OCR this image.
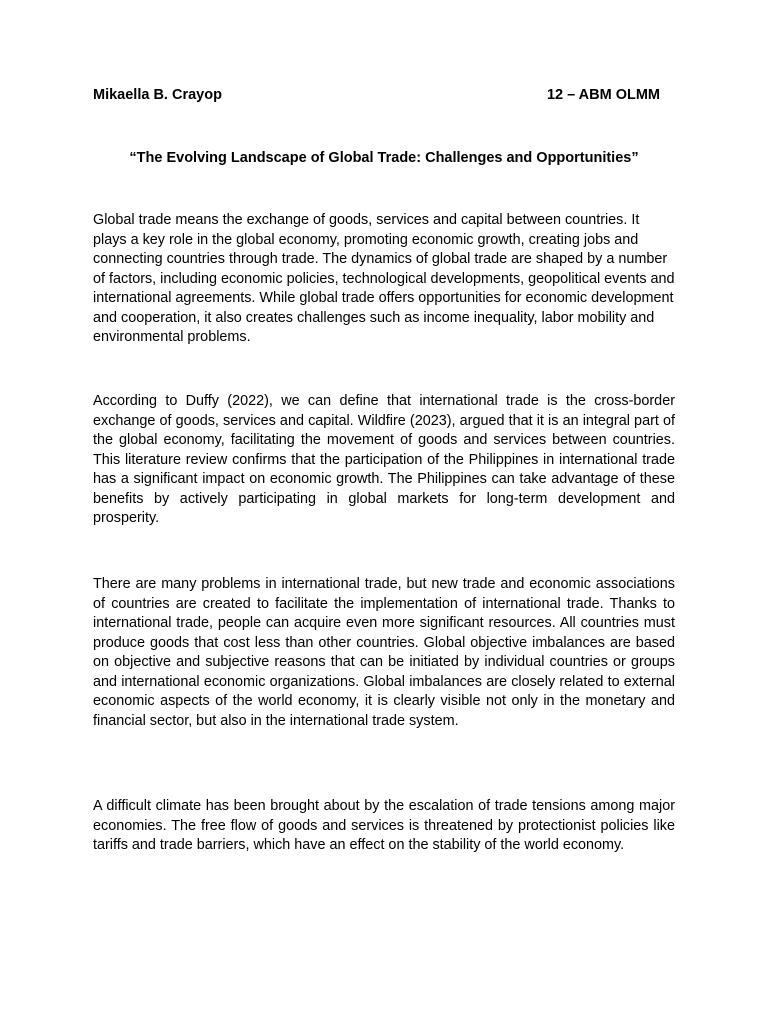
Mikaella B. Crayop	12 – ABM OLMM
“The Evolving Landscape of Global Trade: Challenges and Opportunities”

Global trade means the exchange of goods, services and capital between countries. It plays a key role in the global economy, promoting economic growth, creating jobs and connecting countries through trade. The dynamics of global trade are shaped by a number of factors, including economic policies, technological developments, geopolitical events and international agreements. While global trade offers opportunities for economic development and cooperation, it also creates challenges such as income inequality, labor mobility and environmental problems.

According to Duffy (2022), we can define that international trade is the cross-border exchange of goods, services and capital. Wildfire (2023), argued that it is an integral part of the global economy, facilitating the movement of goods and services between countries. This literature review confirms that the participation of the Philippines in international trade has a significant impact on economic growth. The Philippines can take advantage of these benefits by actively participating in global markets for long-term development and prosperity.

There are many problems in international trade, but new trade and economic associations of countries are created to facilitate the implementation of international trade. Thanks to international trade, people can acquire even more significant resources. All countries must produce goods that cost less than other countries. Global objective imbalances are based on objective and subjective reasons that can be initiated by individual countries or groups and international economic organizations. Global imbalances are closely related to external economic aspects of the world economy, it is clearly visible not only in the monetary and financial sector, but also in the international trade system.

A difficult climate has been brought about by the escalation of trade tensions among major economies. The free flow of goods and services is threatened by protectionist policies like tariffs and trade barriers, which have an effect on the stability of the world economy.
